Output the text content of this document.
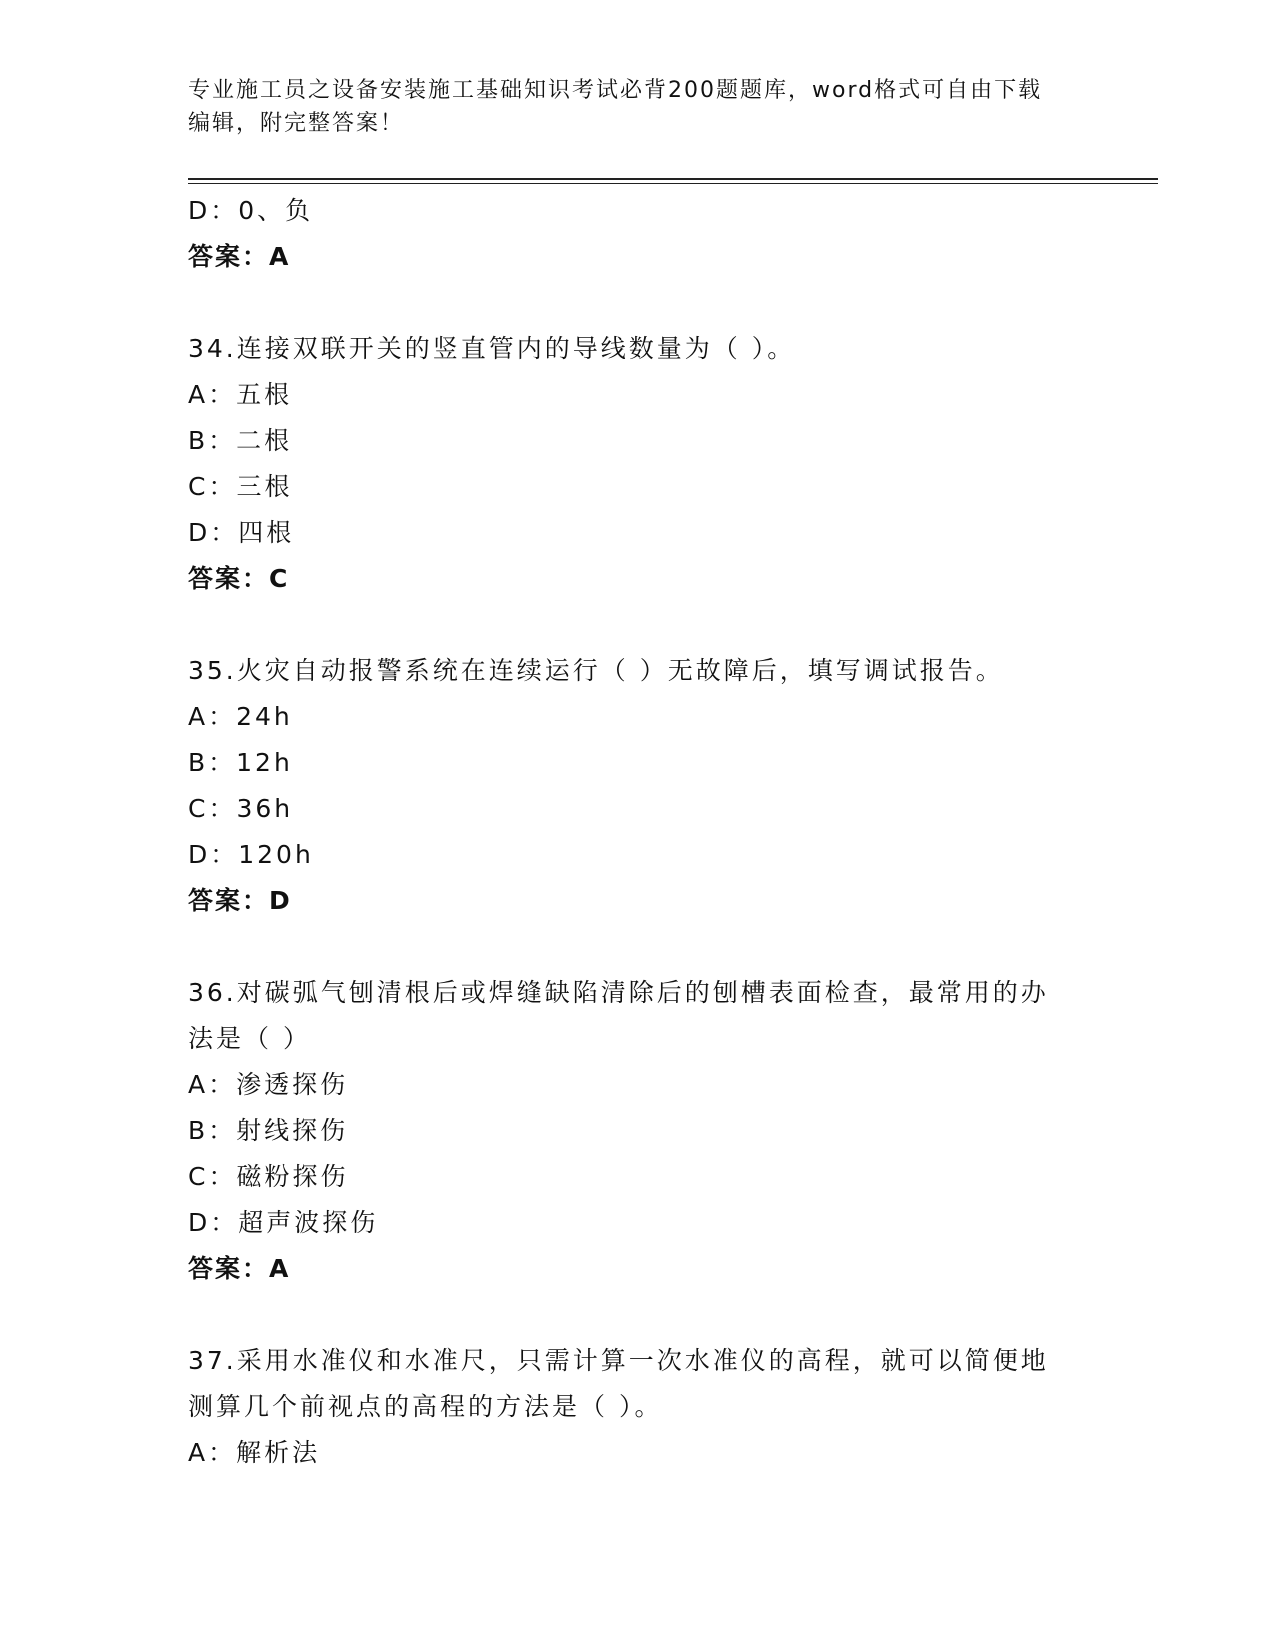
专业施工员之设备安装施工基础知识考试必背200题题库，word格式可自由下载
编辑，附完整答案！
D：0、负
答案：A
34.连接双联开关的竖直管内的导线数量为（ ）。
A：五根
B：二根
C：三根
D：四根
答案：C
35.火灾自动报警系统在连续运行（ ）无故障后，填写调试报告。
A：24h
B：12h
C：36h
D：120h
答案：D
36.对碳弧气刨清根后或焊缝缺陷清除后的刨槽表面检查，最常用的办
法是（ ）
A：渗透探伤
B：射线探伤
C：磁粉探伤
D：超声波探伤
答案：A
37.采用水准仪和水准尺，只需计算一次水准仪的高程，就可以简便地
测算几个前视点的高程的方法是（ ）。
A：解析法
